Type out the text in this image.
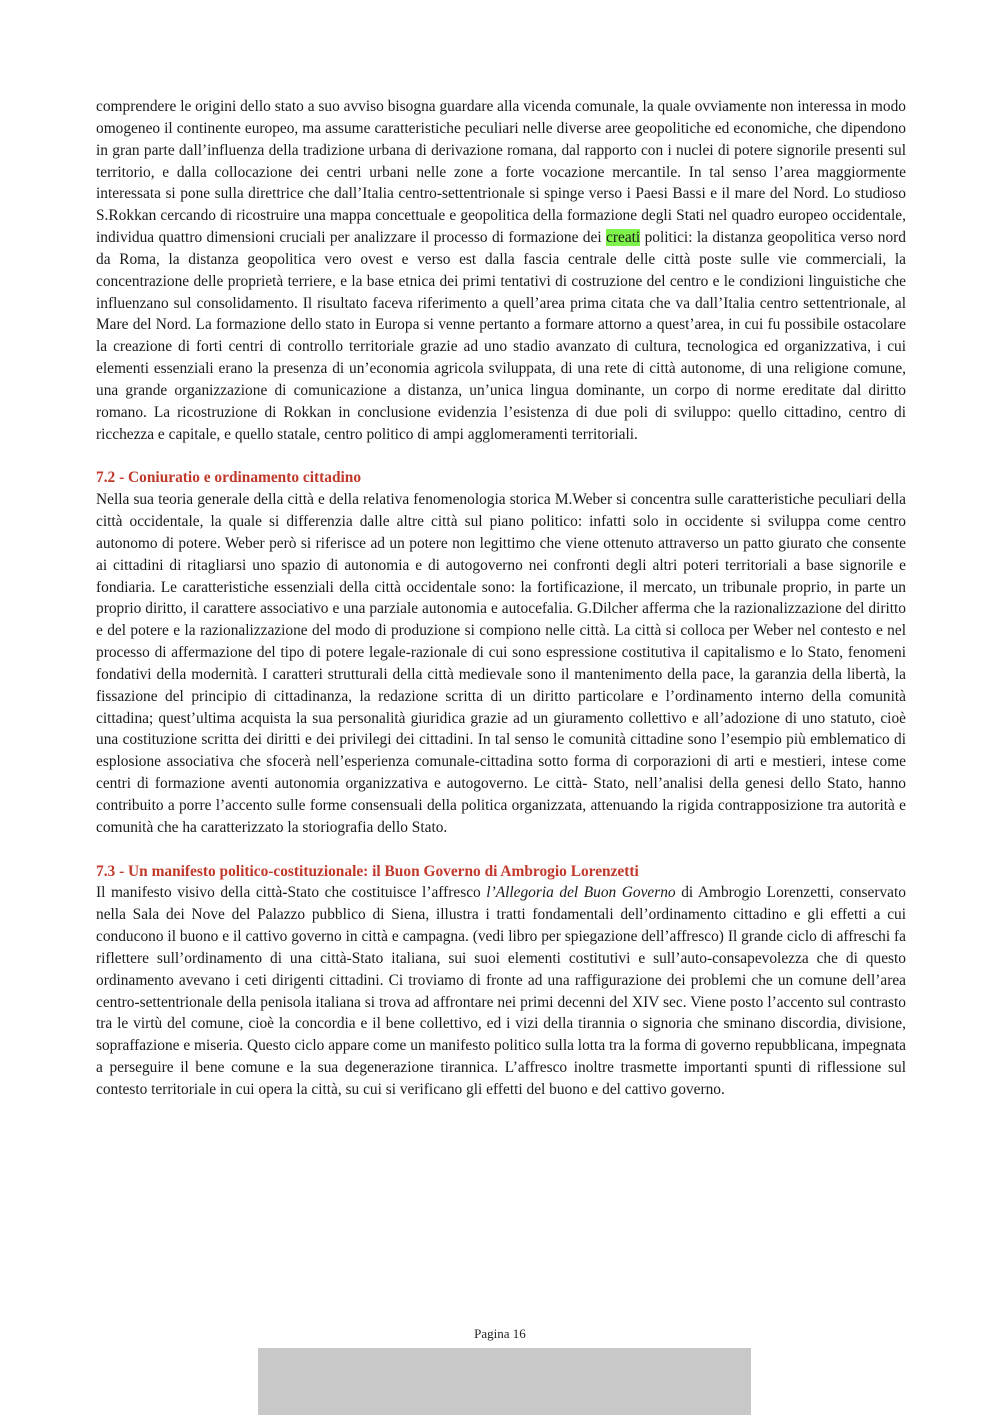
comprendere le origini dello stato a suo avviso bisogna guardare alla vicenda comunale, la quale ovviamente non interessa in modo omogeneo il continente europeo, ma assume caratteristiche peculiari nelle diverse aree geopolitiche ed economiche, che dipendono in gran parte dall’influenza della tradizione urbana di derivazione romana, dal rapporto con i nuclei di potere signorile presenti sul territorio, e dalla collocazione dei centri urbani nelle zone a forte vocazione mercantile. In tal senso l’area maggiormente interessata si pone sulla direttrice che dall’Italia centro-settentrionale si spinge verso i Paesi Bassi e il mare del Nord. Lo studioso S.Rokkan cercando di ricostruire una mappa concettuale e geopolitica della formazione degli Stati nel quadro europeo occidentale, individua quattro dimensioni cruciali per analizzare il processo di formazione dei creati politici: la distanza geopolitica verso nord da Roma, la distanza geopolitica vero ovest e verso est dalla fascia centrale delle città poste sulle vie commerciali, la concentrazione delle proprietà terriere, e la base etnica dei primi tentativi di costruzione del centro e le condizioni linguistiche che influenzano sul consolidamento. Il risultato faceva riferimento a quell’area prima citata che va dall’Italia centro settentrionale, al Mare del Nord. La formazione dello stato in Europa si venne pertanto a formare attorno a quest’area, in cui fu possibile ostacolare la creazione di forti centri di controllo territoriale grazie ad uno stadio avanzato di cultura, tecnologica ed organizzativa, i cui elementi essenziali erano la presenza di un’economia agricola sviluppata, di una rete di città autonome, di una religione comune, una grande organizzazione di comunicazione a distanza, un’unica lingua dominante, un corpo di norme ereditate dal diritto romano. La ricostruzione di Rokkan in conclusione evidenzia l’esistenza di due poli di sviluppo: quello cittadino, centro di ricchezza e capitale, e quello statale, centro politico di ampi agglomeramenti territoriali.

7.2 - Coniuratio e ordinamento cittadino

Nella sua teoria generale della città e della relativa fenomenologia storica M.Weber si concentra sulle caratteristiche peculiari della città occidentale, la quale si differenzia dalle altre città sul piano politico: infatti solo in occidente si sviluppa come centro autonomo di potere. Weber però si riferisce ad un potere non legittimo che viene ottenuto attraverso un patto giurato che consente ai cittadini di ritagliarsi uno spazio di autonomia e di autogoverno nei confronti degli altri poteri territoriali a base signorile e fondiaria. Le caratteristiche essenziali della città occidentale sono: la fortificazione, il mercato, un tribunale proprio, in parte un proprio diritto, il carattere associativo e una parziale autonomia e autocefalia. G.Dilcher afferma che la razionalizzazione del diritto e del potere e la razionalizzazione del modo di produzione si compiono nelle città. La città si colloca per Weber nel contesto e nel processo di affermazione del tipo di potere legale-razionale di cui sono espressione costitutiva il capitalismo e lo Stato, fenomeni fondativi della modernità. I caratteri strutturali della città medievale sono il mantenimento della pace, la garanzia della libertà, la fissazione del principio di cittadinanza, la redazione scritta di un diritto particolare e l’ordinamento interno della comunità cittadina; quest’ultima acquista la sua personalità giuridica grazie ad un giuramento collettivo e all’adozione di uno statuto, cioè una costituzione scritta dei diritti e dei privilegi dei cittadini. In tal senso le comunità cittadine sono l’esempio più emblematico di esplosione associativa che sfocerà nell’esperienza comunale-cittadina sotto forma di corporazioni di arti e mestieri, intese come centri di formazione aventi autonomia organizzativa e autogoverno. Le città- Stato, nell’analisi della genesi dello Stato, hanno contribuito a porre l’accento sulle forme consensuali della politica organizzata, attenuando la rigida contrapposizione tra autorità e comunità che ha caratterizzato la storiografia dello Stato.

7.3 - Un manifesto politico-costituzionale: il Buon Governo di Ambrogio Lorenzetti

Il manifesto visivo della città-Stato che costituisce l’affresco l’Allegoria del Buon Governo di Ambrogio Lorenzetti, conservato nella Sala dei Nove del Palazzo pubblico di Siena, illustra i tratti fondamentali dell’ordinamento cittadino e gli effetti a cui conducono il buono e il cattivo governo in città e campagna. (vedi libro per spiegazione dell’affresco) Il grande ciclo di affreschi fa riflettere sull’ordinamento di una città-Stato italiana, sui suoi elementi costitutivi e sull’auto-consapevolezza che di questo ordinamento avevano i ceti dirigenti cittadini. Ci troviamo di fronte ad una raffigurazione dei problemi che un comune dell’area centro-settentrionale della penisola italiana si trova ad affrontare nei primi decenni del XIV sec. Viene posto l’accento sul contrasto tra le virtù del comune, cioè la concordia e il bene collettivo, ed i vizi della tirannia o signoria che sminano discordia, divisione, sopraffazione e miseria. Questo ciclo appare come un manifesto politico sulla lotta tra la forma di governo repubblicana, impegnata a perseguire il bene comune e la sua degenerazione tirannica. L’affresco inoltre trasmette importanti spunti di riflessione sul contesto territoriale in cui opera la città, su cui si verificano gli effetti del buono e del cattivo governo.

Pagina 16
